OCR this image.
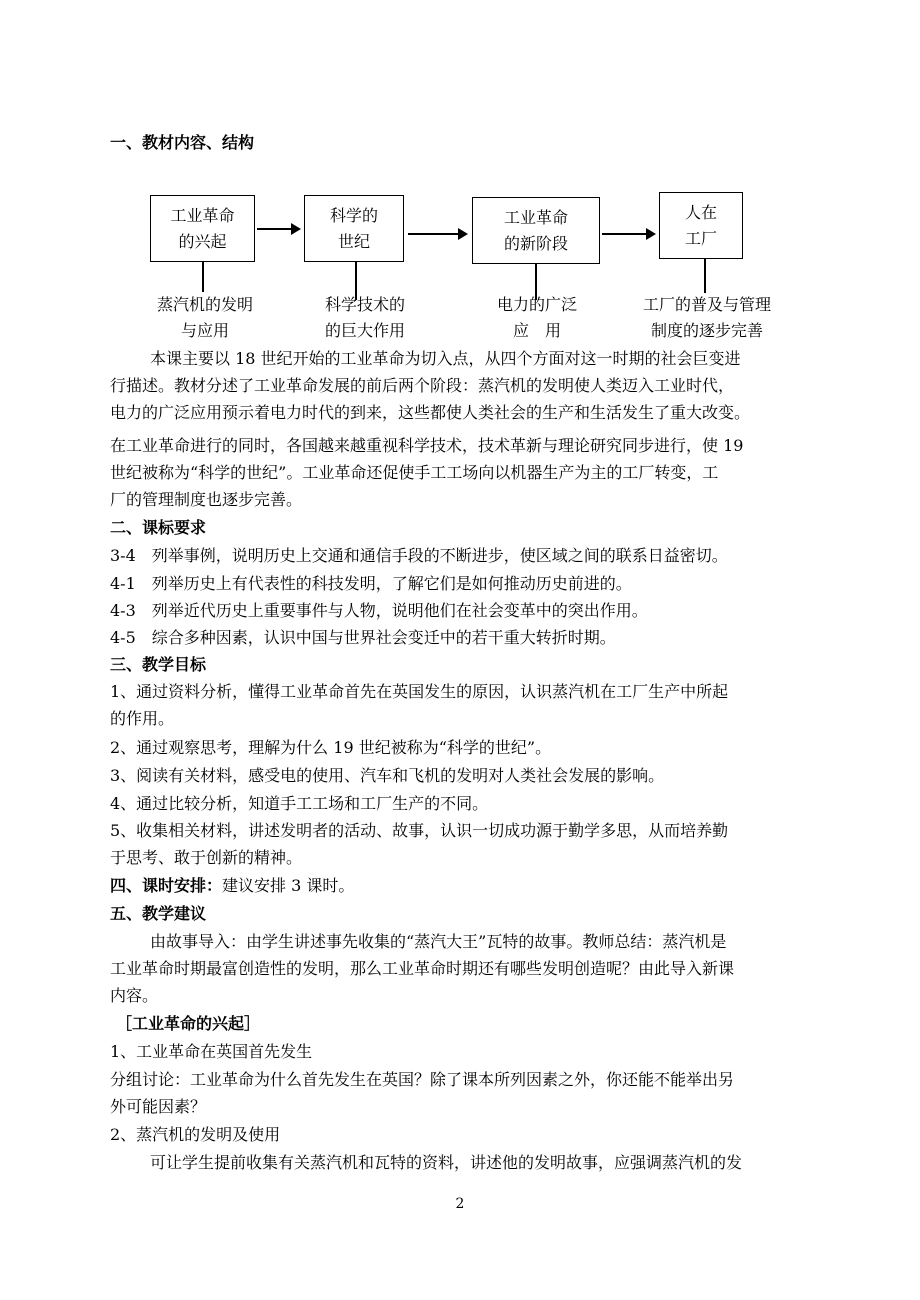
一、教材内容、结构
工业革命
的兴起
科学的
世纪
工业革命
的新阶段
人在
工厂
蒸汽机的发明
与应用
科学技术的
的巨大作用
电力的广泛
应　用
工厂的普及与管理
制度的逐步完善
本课主要以 18 世纪开始的工业革命为切入点，从四个方面对这一时期的社会巨变进
行描述。教材分述了工业革命发展的前后两个阶段：蒸汽机的发明使人类迈入工业时代，
电力的广泛应用预示着电力时代的到来，这些都使人类社会的生产和生活发生了重大改变。
在工业革命进行的同时，各国越来越重视科学技术，技术革新与理论研究同步进行，使 19
世纪被称为“科学的世纪”。工业革命还促使手工工场向以机器生产为主的工厂转变，工
厂的管理制度也逐步完善。
二、课标要求
3-4　列举事例，说明历史上交通和通信手段的不断进步，使区域之间的联系日益密切。
4-1　列举历史上有代表性的科技发明，了解它们是如何推动历史前进的。
4-3　列举近代历史上重要事件与人物，说明他们在社会变革中的突出作用。
4-5　综合多种因素，认识中国与世界社会变迁中的若干重大转折时期。
三、教学目标
1、通过资料分析，懂得工业革命首先在英国发生的原因，认识蒸汽机在工厂生产中所起
的作用。
2、通过观察思考，理解为什么 19 世纪被称为“科学的世纪”。
3、阅读有关材料，感受电的使用、汽车和飞机的发明对人类社会发展的影响。
4、通过比较分析，知道手工工场和工厂生产的不同。
5、收集相关材料，讲述发明者的活动、故事，认识一切成功源于勤学多思，从而培养勤
于思考、敢于创新的精神。
四、课时安排：建议安排 3 课时。
五、教学建议
由故事导入：由学生讲述事先收集的“蒸汽大王”瓦特的故事。教师总结：蒸汽机是
工业革命时期最富创造性的发明，那么工业革命时期还有哪些发明创造呢？由此导入新课
内容。
［工业革命的兴起］
1、工业革命在英国首先发生
分组讨论：工业革命为什么首先发生在英国？除了课本所列因素之外，你还能不能举出另
外可能因素？
2、蒸汽机的发明及使用
可让学生提前收集有关蒸汽机和瓦特的资料，讲述他的发明故事，应强调蒸汽机的发
2
